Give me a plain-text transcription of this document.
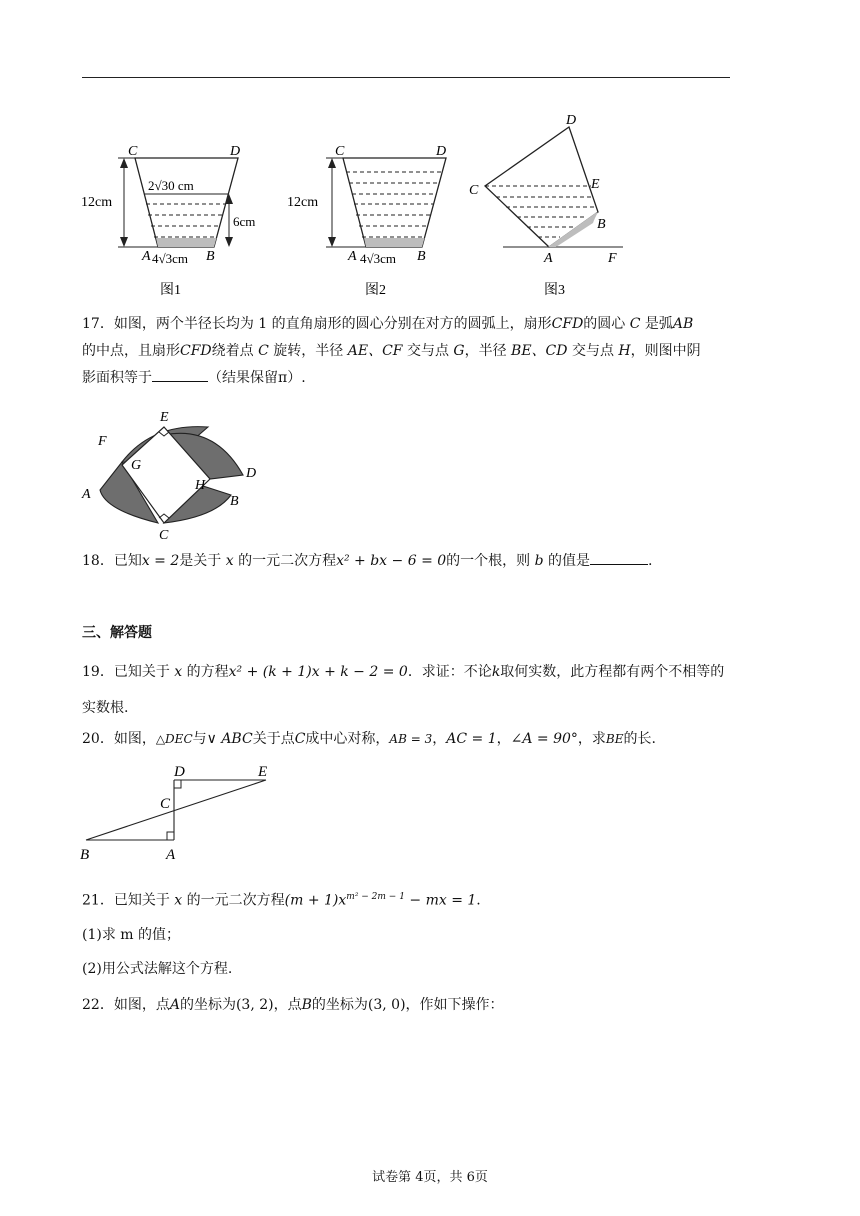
C	D
12cm
2√30 cm
6cm
A 4√3cm B
图1
C	D
12cm
A 4√3cm B
图2
D
C	E
B
A	F
图3
17．如图，两个半径长均为 1 的直角扇形的圆心分别在对方的圆弧上，扇形CFD的圆心 C 是弧AB
的中点，且扇形CFD绕着点 C 旋转，半径 AE、CF 交与点 G，半径 BE、CD 交与点 H，则图中阴
影面积等于	（结果保留π）.
E
F
G
D
A
H
B
C
18．已知x = 2是关于 x 的一元二次方程x² + bx − 6 = 0的一个根，则 b 的值是	.
三、解答题
19．已知关于 x 的方程x² + (k + 1)x + k − 2 = 0．求证：不论k取何实数，此方程都有两个不相等的
实数根.
20．如图，△DEC与∨ ABC关于点C成中心对称，AB = 3，AC = 1，∠A = 90°，求BE的长.
D	E
C
B	A
21．已知关于 x 的一元二次方程$(m + 1)x^{m^2 - 2m - 1}$ − mx = 1.
(1)求 m 的值；
(2)用公式法解这个方程.
22．如图，点A的坐标为(3, 2)，点B的坐标为(3, 0)，作如下操作：
试卷第 4页，共 6页
